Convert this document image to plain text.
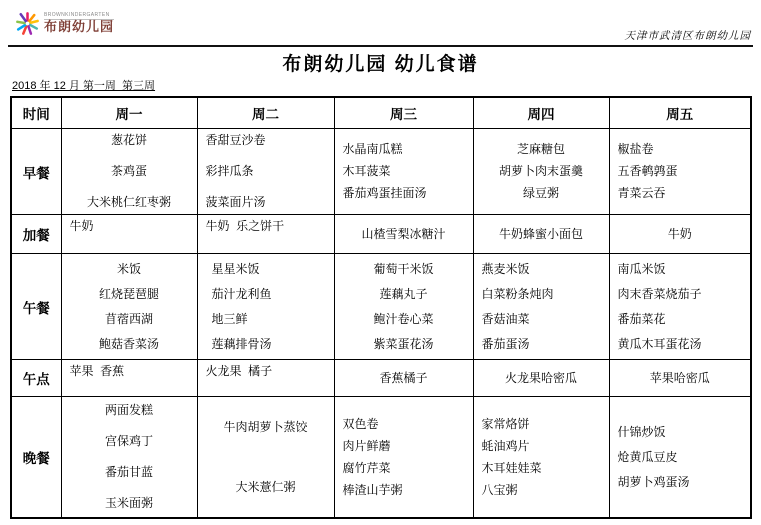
BROWNKINDERGARTEN
布朗幼儿园
天津市武清区布朗幼儿园
布朗幼儿园 幼儿食谱
2018 年 12 月 第一周  第三周
时间	周一	周二	周三	周四	周五
早餐	葱花饼
茶鸡蛋
大米桃仁红枣粥	香甜豆沙卷
彩拌瓜条
菠菜面片汤	水晶南瓜糕
木耳菠菜
番茄鸡蛋挂面汤	芝麻糖包
胡萝卜肉末蛋羹
绿豆粥	椒盐卷
五香鹌鹑蛋
青菜云吞

加餐	牛奶	牛奶  乐之饼干	山楂雪梨冰糖汁	牛奶蜂蜜小面包	牛奶

午餐	米饭
红烧琵琶腿
苜蓿西湖
鲍菇香菜汤	星星米饭
茄汁龙利鱼
地三鲜
莲藕排骨汤	葡萄干米饭
莲藕丸子
鲍汁卷心菜
紫菜蛋花汤	燕麦米饭
白菜粉条炖肉
香菇油菜
番茄蛋汤	南瓜米饭
肉末香菜烧茄子
番茄菜花
黄瓜木耳蛋花汤

午点	苹果  香蕉	火龙果  橘子	香蕉橘子	火龙果哈密瓜	苹果哈密瓜

晚餐	两面发糕
宫保鸡丁
番茄甘蓝
玉米面粥	牛肉胡萝卜蒸饺
大米薏仁粥	双色卷
肉片鲜蘑
腐竹芹菜
棒渣山芋粥	家常烙饼
蚝油鸡片
木耳娃娃菜
八宝粥	什锦炒饭
炝黄瓜豆皮
胡萝卜鸡蛋汤
